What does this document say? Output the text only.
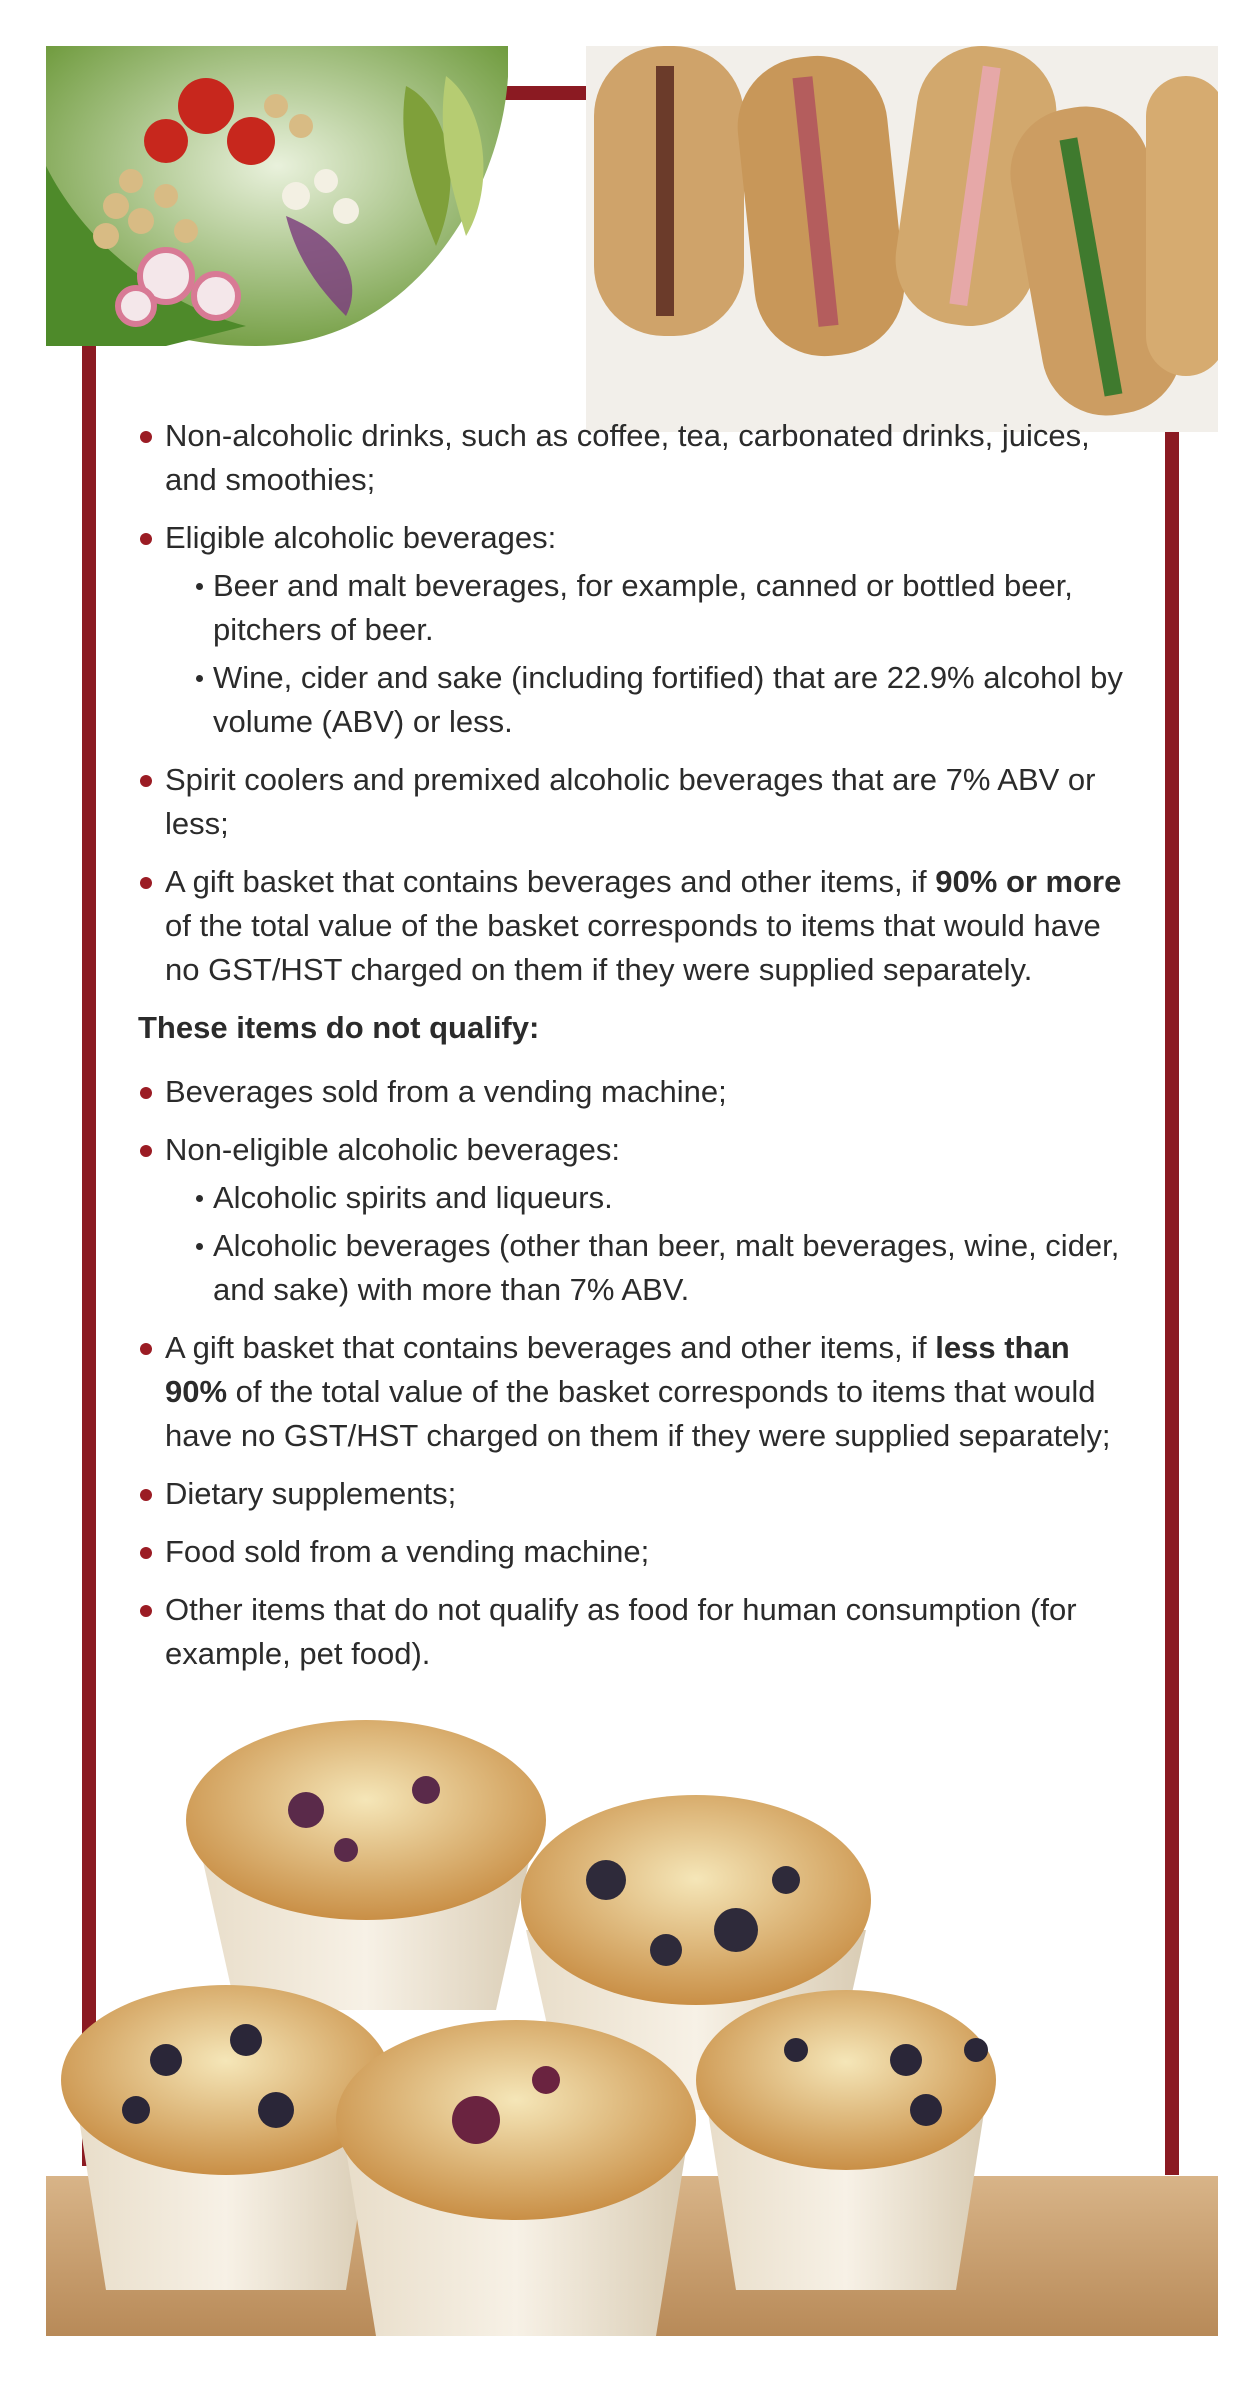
Non-alcoholic drinks, such as coffee, tea, carbonated drinks, juices, and smoothies;
Eligible alcoholic beverages:
Beer and malt beverages, for example, canned or bottled beer, pitchers of beer.
Wine, cider and sake (including fortified) that are 22.9% alcohol by volume (ABV) or less.
Spirit coolers and premixed alcoholic beverages that are 7% ABV or less;
A gift basket that contains beverages and other items, if 90% or more of the total value of the basket corresponds to items that would have no GST/HST charged on them if they were supplied separately.
These items do not qualify:
Beverages sold from a vending machine;
Non-eligible alcoholic beverages:
Alcoholic spirits and liqueurs.
Alcoholic beverages (other than beer, malt beverages, wine, cider, and sake) with more than 7% ABV.
A gift basket that contains beverages and other items, if less than 90% of the total value of the basket corresponds to items that would have no GST/HST charged on them if they were supplied separately;
Dietary supplements;
Food sold from a vending machine;
Other items that do not qualify as food for human consumption (for example, pet food).
